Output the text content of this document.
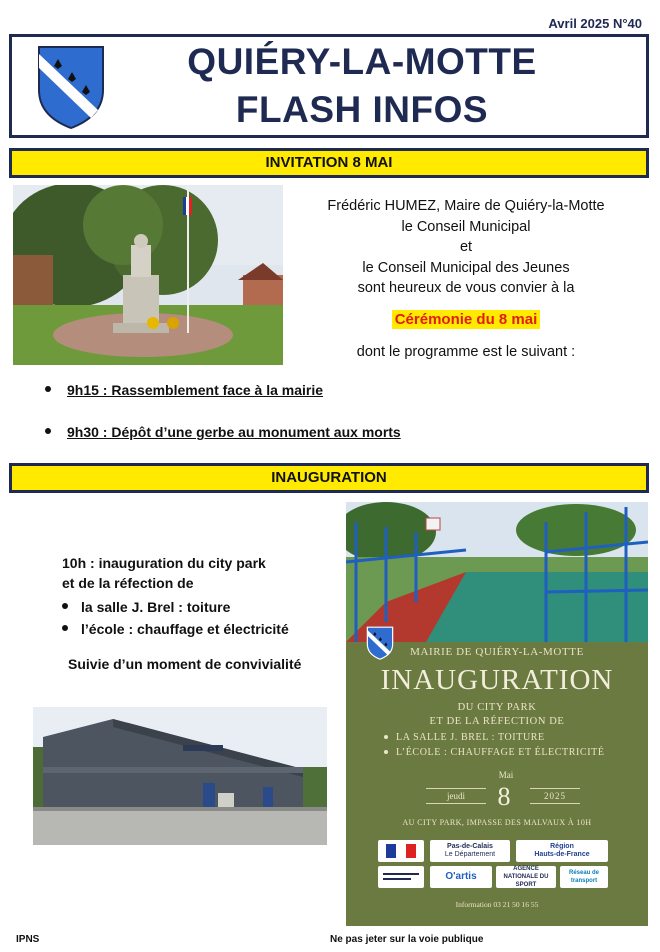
Avril 2025 N°40
QUIÉRY-LA-MOTTE
FLASH INFOS
INVITATION 8 MAI
Frédéric HUMEZ, Maire de Quiéry-la-Motte
le Conseil Municipal
et
le Conseil Municipal des Jeunes
sont heureux de vous convier à la
Cérémonie du 8 mai
dont le programme est le suivant :
9h15 : Rassemblement face à la mairie
9h30 : Dépôt d’une gerbe au monument aux morts
INAUGURATION
10h : inauguration du city park
et de la réfection de
la salle J. Brel : toiture
l’école : chauffage et électricité
Suivie d’un moment de convivialité
MAIRIE DE QUIÉRY-LA-MOTTE
INAUGURATION
DU CITY PARK
ET DE LA RÉFECTION DE
LA SALLE J. BREL : TOITURE
L’ÉCOLE : CHAUFFAGE ET ÉLECTRICITÉ
Mai
jeudi	8	2025
AU CITY PARK, IMPASSE DES MALVAUX À 10H
Pas-de-Calais
Le Département
Région
Hauts-de-France
O'artis
AGENCE NATIONALE DU SPORT
Réseau de transport
Information 03 21 50 16 55
IPNS	Ne pas jeter sur la voie publique
